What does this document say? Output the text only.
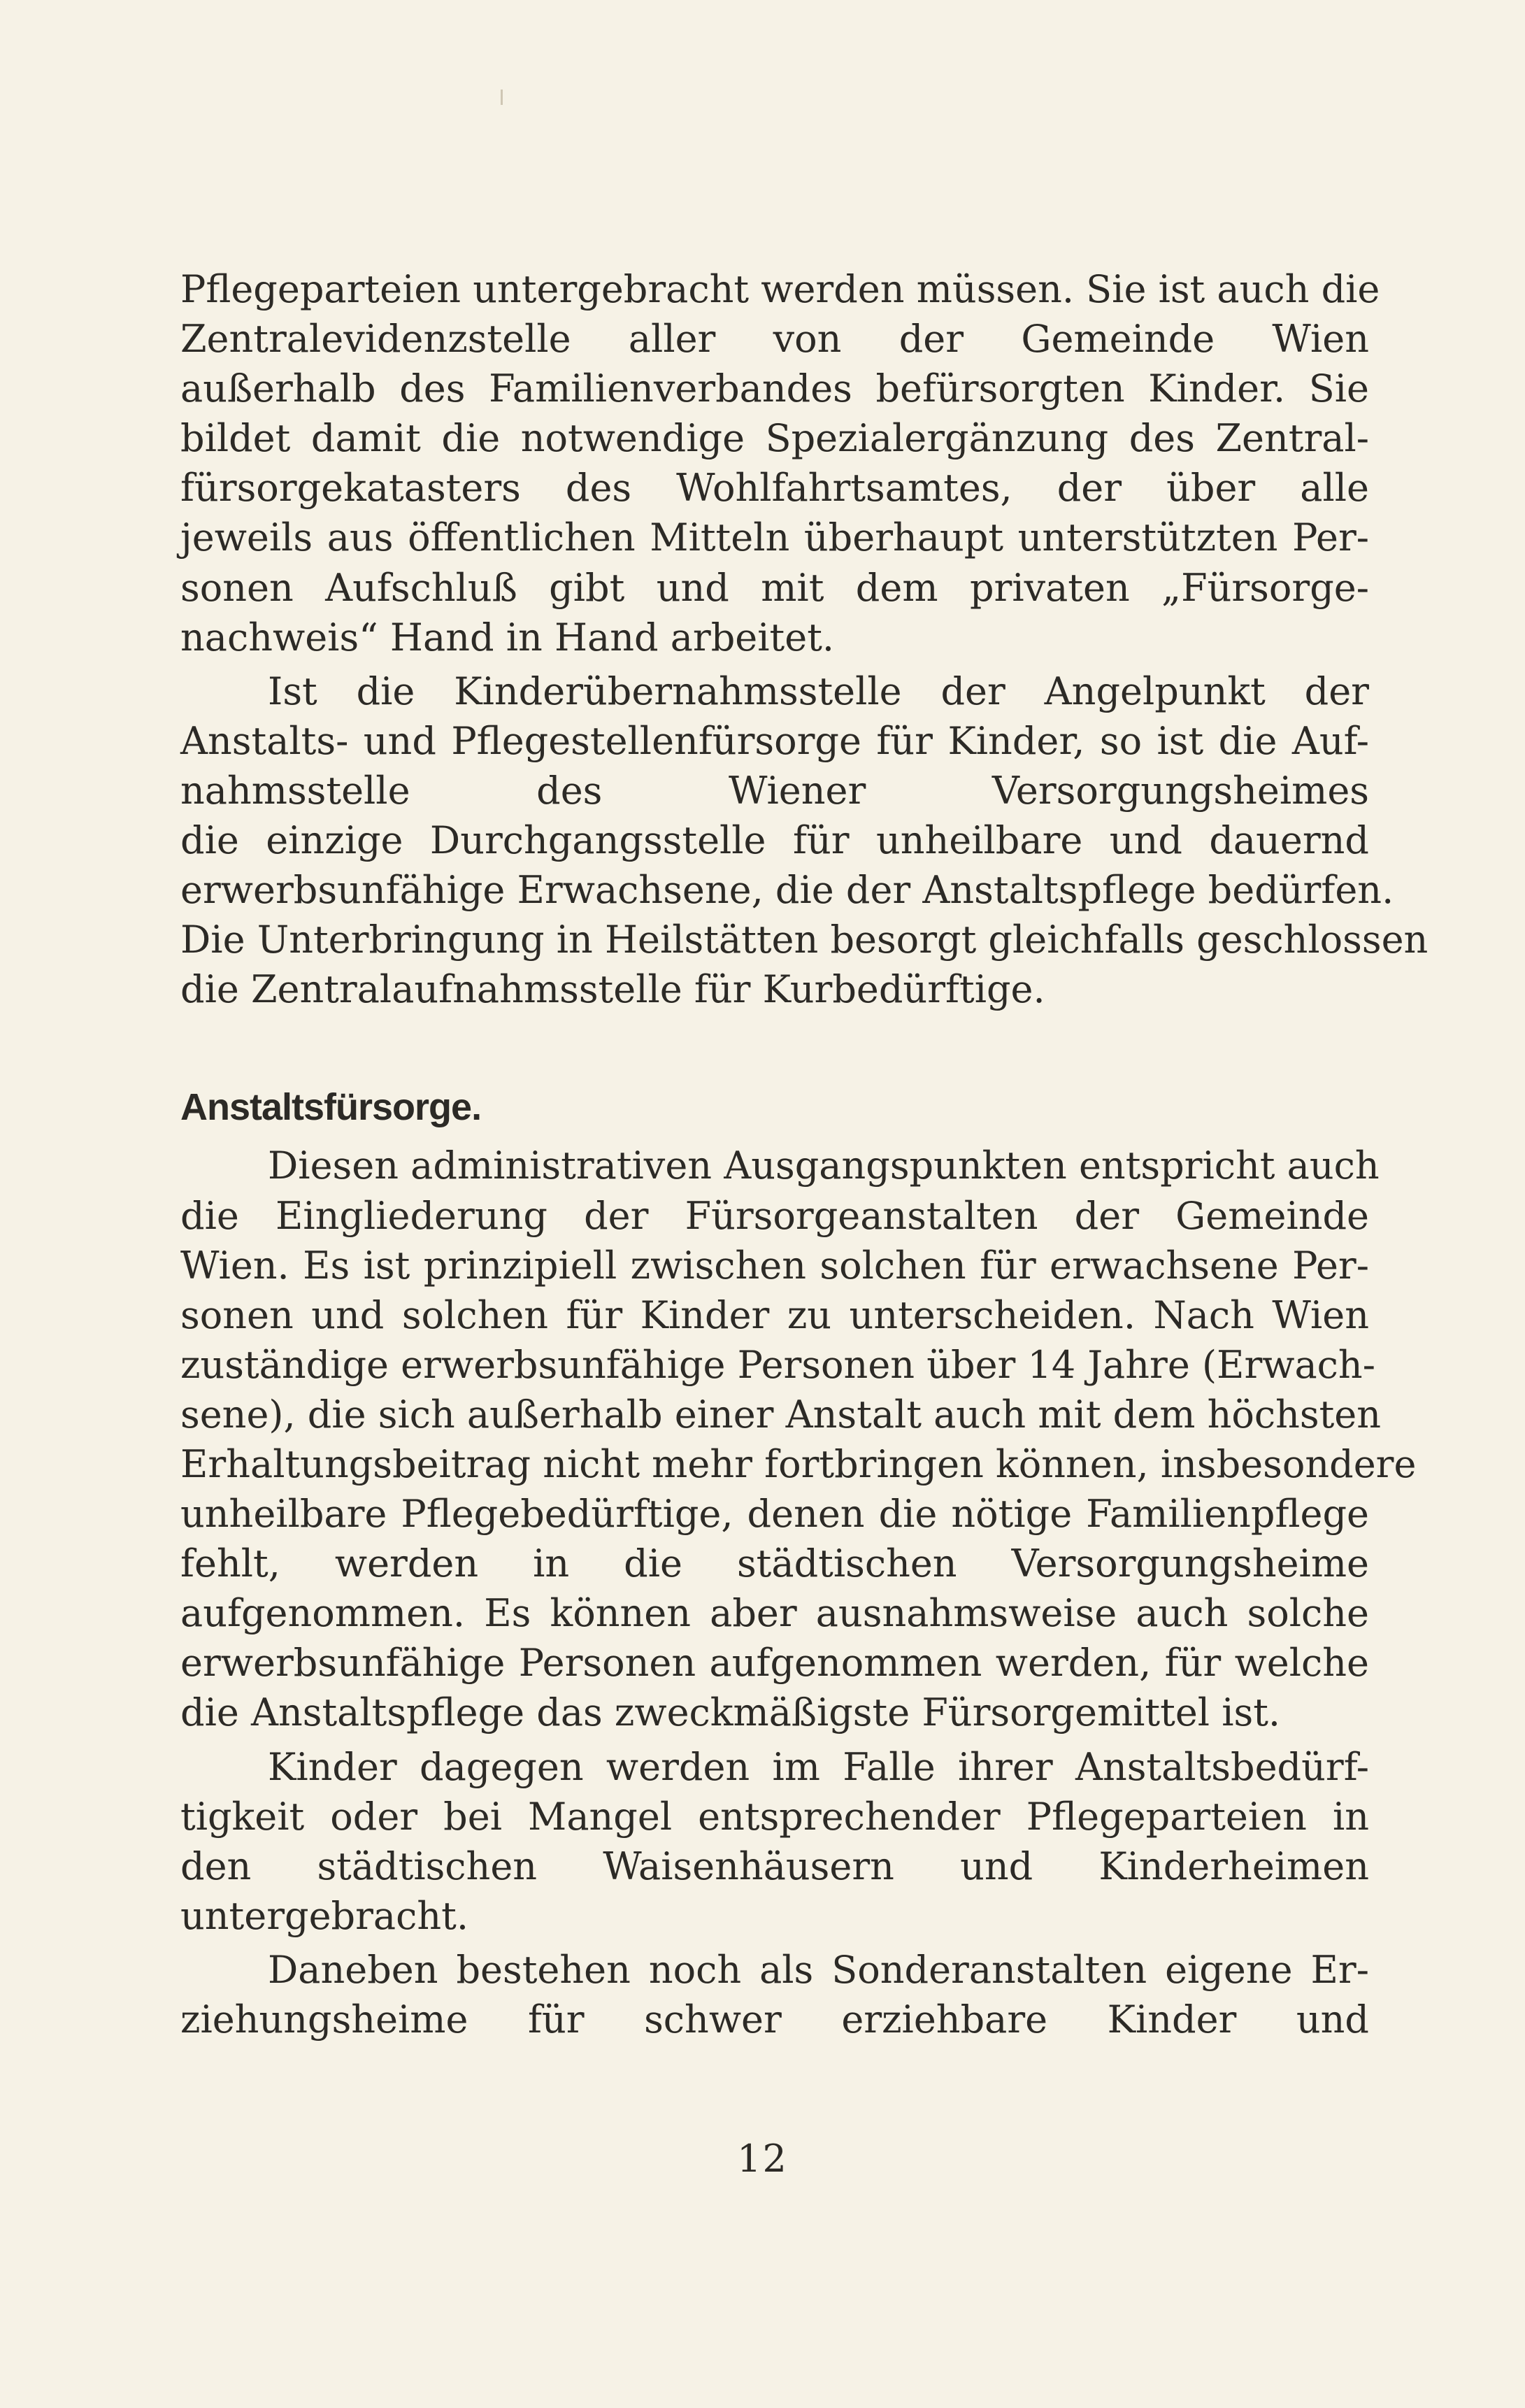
Pflegeparteien untergebracht werden müssen. Sie ist auch die
Zentralevidenzstelle aller von der Gemeinde Wien
außerhalb des Familienverbandes befürsorgten Kinder. Sie
bildet damit die notwendige Spezialergänzung des Zentral-
fürsorgekatasters des Wohlfahrtsamtes, der über alle
jeweils aus öffentlichen Mitteln überhaupt unterstützten Per-
sonen Aufschluß gibt und mit dem privaten „Fürsorge-
nachweis“ Hand in Hand arbeitet.
Ist die Kinderübernahmsstelle der Angelpunkt der
Anstalts- und Pflegestellenfürsorge für Kinder, so ist die Auf-
nahmsstelle des Wiener Versorgungsheimes
die einzige Durchgangsstelle für unheilbare und dauernd
erwerbsunfähige Erwachsene, die der Anstaltspflege bedürfen.
Die Unterbringung in Heilstätten besorgt gleichfalls geschlossen
die Zentralaufnahmsstelle für Kurbedürftige.
Anstaltsfürsorge.
Diesen administrativen Ausgangspunkten entspricht auch
die Eingliederung der Fürsorgeanstalten der Gemeinde
Wien. Es ist prinzipiell zwischen solchen für erwachsene Per-
sonen und solchen für Kinder zu unterscheiden. Nach Wien
zuständige erwerbsunfähige Personen über 14 Jahre (Erwach-
sene), die sich außerhalb einer Anstalt auch mit dem höchsten
Erhaltungsbeitrag nicht mehr fortbringen können, insbesondere
unheilbare Pflegebedürftige, denen die nötige Familienpflege
fehlt, werden in die städtischen Versorgungsheime
aufgenommen. Es können aber ausnahmsweise auch solche
erwerbsunfähige Personen aufgenommen werden, für welche
die Anstaltspflege das zweckmäßigste Fürsorgemittel ist.
Kinder dagegen werden im Falle ihrer Anstaltsbedürf-
tigkeit oder bei Mangel entsprechender Pflegeparteien in
den städtischen Waisenhäusern und Kinderheimen
untergebracht.
Daneben bestehen noch als Sonderanstalten eigene Er-
ziehungsheime für schwer erziehbare Kinder und
12
